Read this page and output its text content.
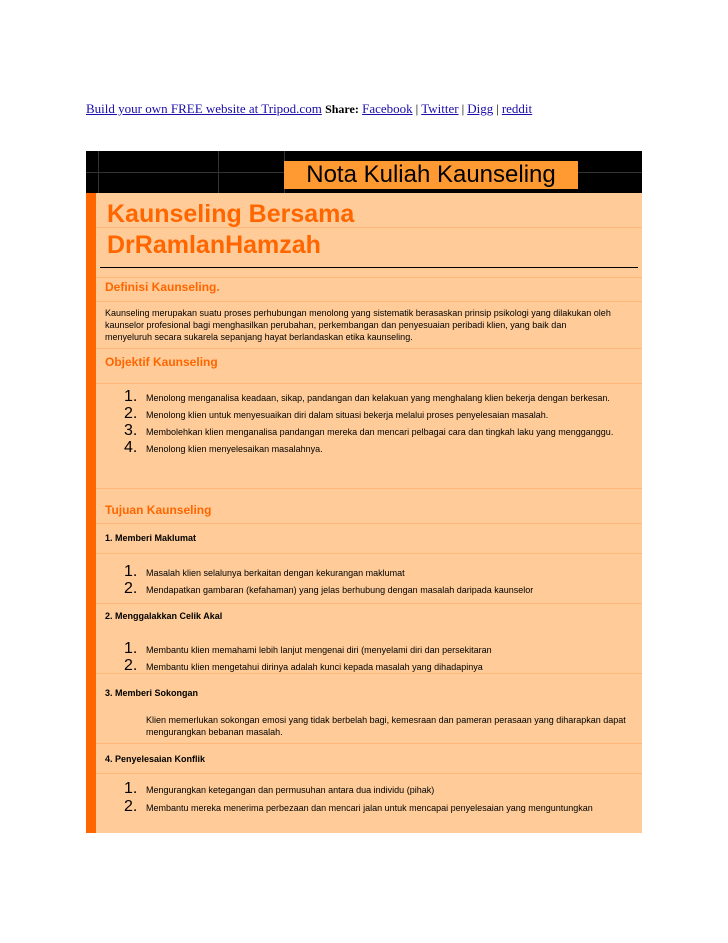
Build your own FREE website at Tripod.com Share: Facebook | Twitter | Digg | reddit
Nota Kuliah Kaunseling
Kaunseling Bersama
DrRamlanHamzah
Definisi Kaunseling.
Kaunseling merupakan suatu proses perhubungan menolong yang sistematik berasaskan prinsip psikologi yang dilakukan oleh kaunselor profesional bagi menghasilkan perubahan, perkembangan dan penyesuaian peribadi klien, yang baik dan menyeluruh secara sukarela sepanjang hayat berlandaskan etika kaunseling.
Objektif Kaunseling
1. Menolong menganalisa keadaan, sikap, pandangan dan kelakuan yang menghalang klien bekerja dengan berkesan.
2. Menolong klien untuk menyesuaikan diri dalam situasi bekerja melalui proses penyelesaian masalah.
3. Membolehkan klien menganalisa pandangan mereka dan mencari pelbagai cara dan tingkah laku yang mengganggu.
4. Menolong klien menyelesaikan masalahnya.
Tujuan Kaunseling
1. Memberi Maklumat
1. Masalah klien selalunya berkaitan dengan kekurangan maklumat
2. Mendapatkan gambaran (kefahaman) yang jelas berhubung dengan masalah daripada kaunselor
2. Menggalakkan Celik Akal
1. Membantu klien memahami lebih lanjut mengenai diri (menyelami diri dan persekitaran
2. Membantu klien mengetahui dirinya adalah kunci kepada masalah yang dihadapinya
3. Memberi Sokongan
Klien memerlukan sokongan emosi yang tidak berbelah bagi, kemesraan dan pameran perasaan yang diharapkan dapat mengurangkan bebanan masalah.
4. Penyelesaian Konflik
1. Mengurangkan ketegangan dan permusuhan antara dua individu (pihak)
2. Membantu mereka menerima perbezaan dan mencari jalan untuk mencapai penyelesaian yang menguntungkan
